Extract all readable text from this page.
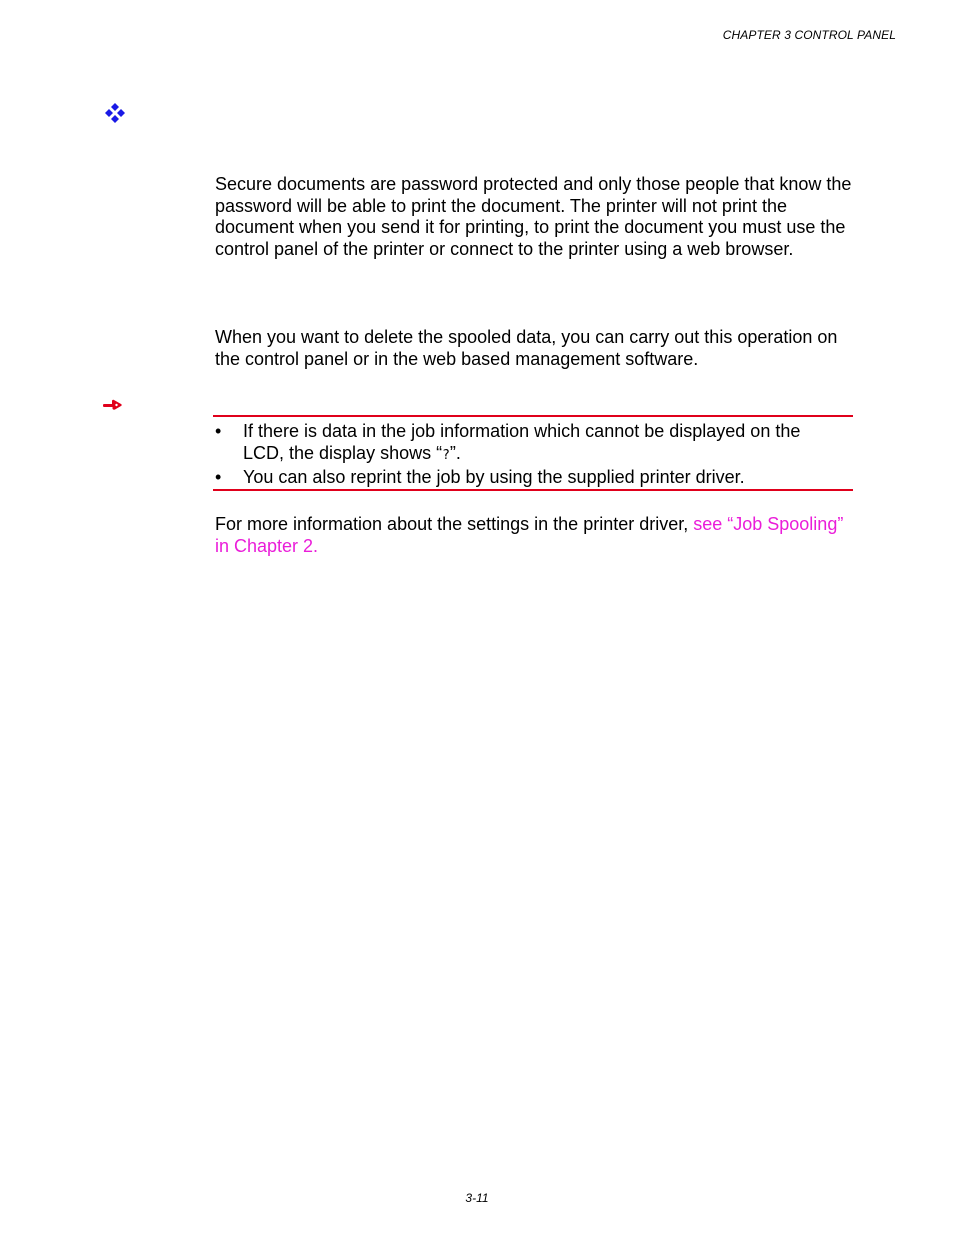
CHAPTER 3 CONTROL PANEL

Secure documents are password protected and only those people that know the password will be able to print the document. The printer will not print the document when you send it for printing, to print the document you must use the control panel of the printer or connect to the printer using a web browser.

When you want to delete the spooled data, you can carry out this operation on the control panel or in the web based management software.

• If there is data in the job information which cannot be displayed on the LCD, the display shows “?”.
• You can also reprint the job by using the supplied printer driver.

For more information about the settings in the printer driver, see “Job Spooling” in Chapter 2.

3-11
